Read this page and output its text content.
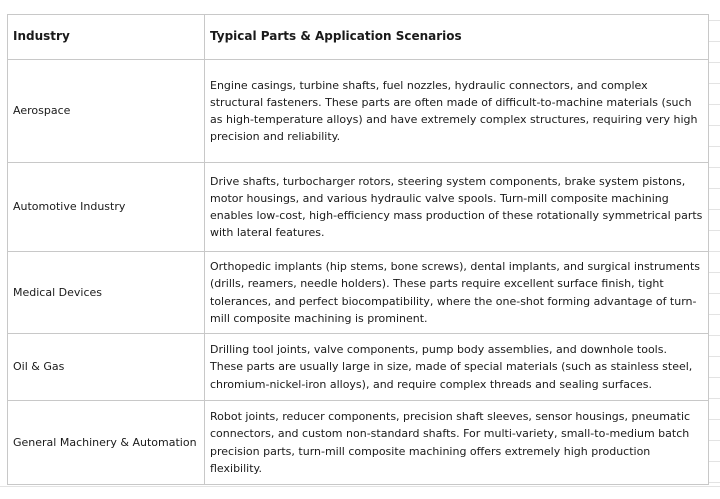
Industry	Typical Parts & Application Scenarios
Aerospace	Engine casings, turbine shafts, fuel nozzles, hydraulic connectors, and complex structural fasteners. These parts are often made of difficult-to-machine materials (such as high-temperature alloys) and have extremely complex structures, requiring very high precision and reliability.
Automotive Industry	Drive shafts, turbocharger rotors, steering system components, brake system pistons, motor housings, and various hydraulic valve spools. Turn-mill composite machining enables low-cost, high-efficiency mass production of these rotationally symmetrical parts with lateral features.
Medical Devices	Orthopedic implants (hip stems, bone screws), dental implants, and surgical instruments (drills, reamers, needle holders). These parts require excellent surface finish, tight tolerances, and perfect biocompatibility, where the one-shot forming advantage of turn-mill composite machining is prominent.
Oil & Gas	Drilling tool joints, valve components, pump body assemblies, and downhole tools. These parts are usually large in size, made of special materials (such as stainless steel, chromium-nickel-iron alloys), and require complex threads and sealing surfaces.
General Machinery & Automation	Robot joints, reducer components, precision shaft sleeves, sensor housings, pneumatic connectors, and custom non-standard shafts. For multi-variety, small-to-medium batch precision parts, turn-mill composite machining offers extremely high production flexibility.
